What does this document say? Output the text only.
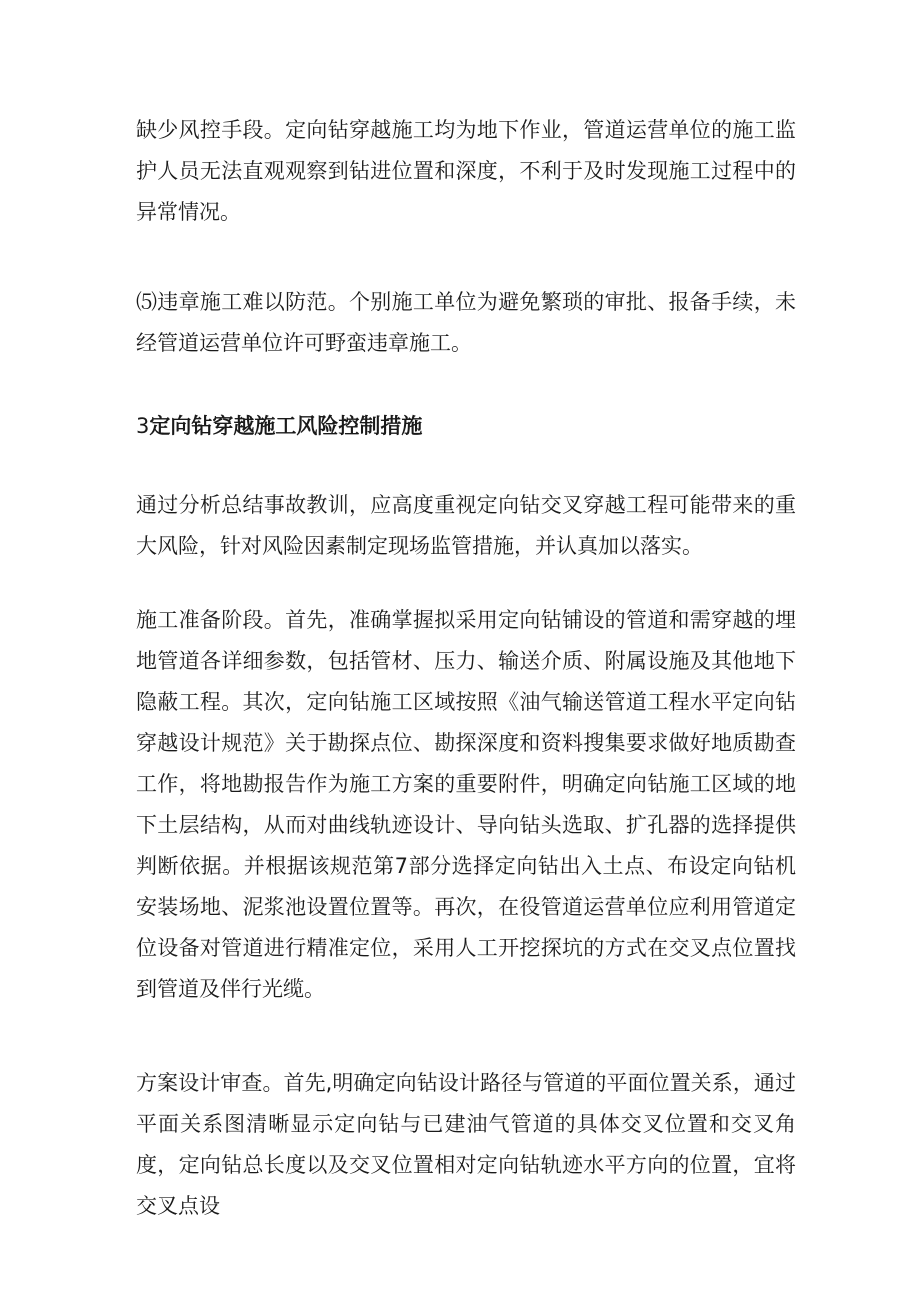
缺少风控手段。定向钻穿越施工均为地下作业，管道运营单位的施工监护人员无法直观观察到钻进位置和深度，不利于及时发现施工过程中的异常情况。

⑸违章施工难以防范。个别施工单位为避免繁琐的审批、报备手续，未经管道运营单位许可野蛮违章施工。

3定向钻穿越施工风险控制措施

通过分析总结事故教训，应高度重视定向钻交叉穿越工程可能带来的重大风险，针对风险因素制定现场监管措施，并认真加以落实。

施工准备阶段。首先，准确掌握拟采用定向钻铺设的管道和需穿越的埋地管道各详细参数，包括管材、压力、输送介质、附属设施及其他地下隐蔽工程。其次，定向钻施工区域按照《油气输送管道工程水平定向钻穿越设计规范》关于勘探点位、勘探深度和资料搜集要求做好地质勘查工作，将地勘报告作为施工方案的重要附件，明确定向钻施工区域的地下土层结构，从而对曲线轨迹设计、导向钻头选取、扩孔器的选择提供判断依据。并根据该规范第7部分选择定向钻出入土点、布设定向钻机安装场地、泥浆池设置位置等。再次，在役管道运营单位应利用管道定位设备对管道进行精准定位，采用人工开挖探坑的方式在交叉点位置找到管道及伴行光缆。

方案设计审查。首先,明确定向钻设计路径与管道的平面位置关系，通过平面关系图清晰显示定向钻与已建油气管道的具体交叉位置和交叉角度，定向钻总长度以及交叉位置相对定向钻轨迹水平方向的位置，宜将交叉点设
